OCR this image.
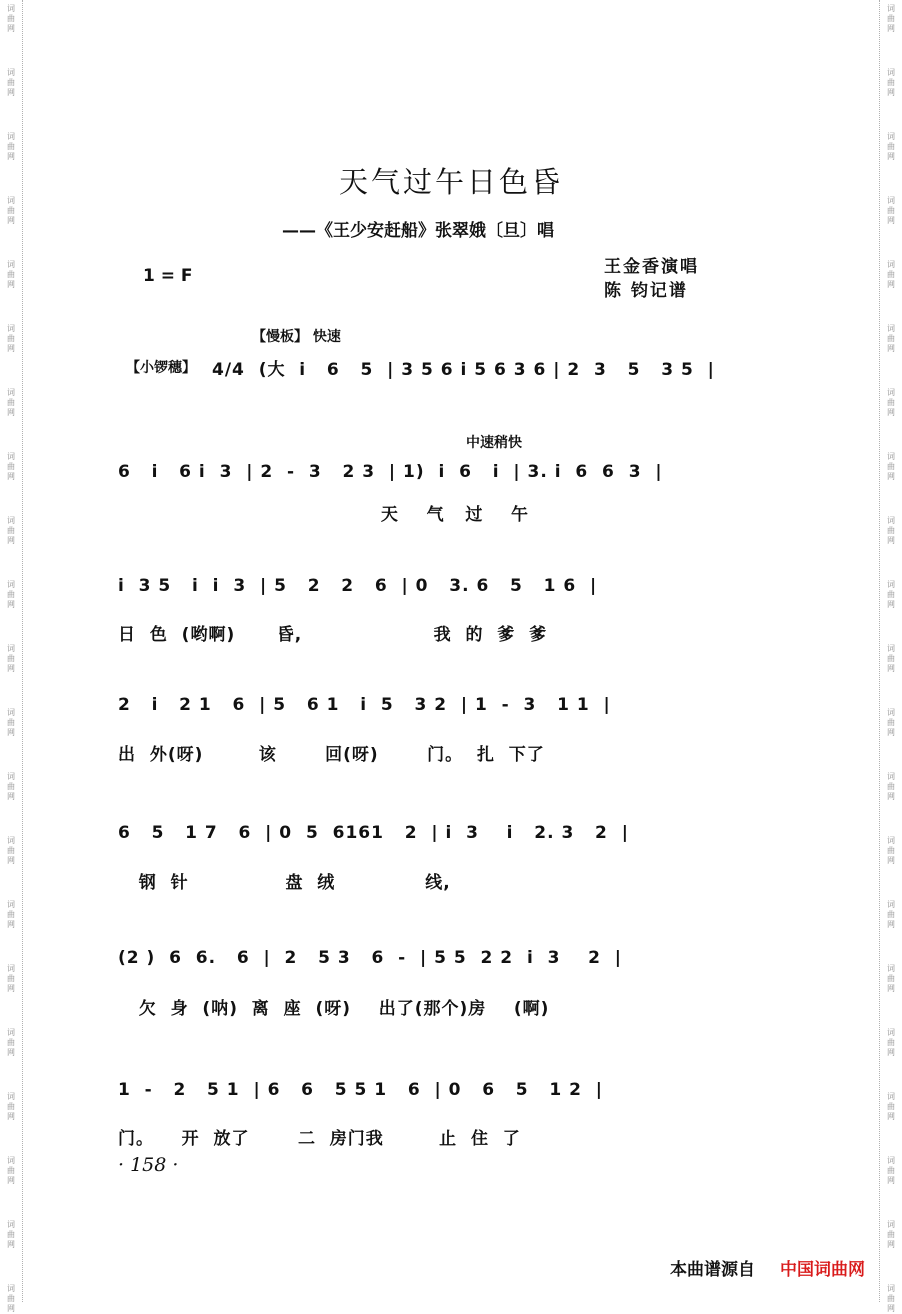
词曲网
词曲网
词曲网
词曲网
词曲网
词曲网
词曲网
词曲网
词曲网
词曲网
词曲网
词曲网
词曲网
词曲网
词曲网
词曲网
词曲网
词曲网
词曲网
词曲网
词曲网
词曲网
词曲网
词曲网
词曲网
词曲网
词曲网
词曲网
词曲网
词曲网
词曲网
词曲网
词曲网
词曲网
词曲网
词曲网
词曲网
词曲网
词曲网
词曲网
词曲网
词曲网
天气过午日色昏
——《王少安赶船》张翠娥〔旦〕唱
1 = F	王金香演唱
陈 钧记谱
【慢板】 快速
【小锣穗】
中速稍快
4/4  (大  i   6   5  | 3 5 6 i 5 6 3 6 | 2  3   5   3 5  |
6   i   6 i  3  | 2  -  3   2 3  | 1)  i  6   i  | 3. i  6  6  3  |
天    气   过    午
i  3 5   i  i  3  | 5   2   2   6  | 0   3. 6   5   1 6  |
日  色  (哟啊)      昏,                   我  的  爹  爹
2   i   2 1   6  | 5   6 1   i  5   3 2  | 1  -  3   1 1  |
出  外(呀)        该       回(呀)       门。  扎  下了
6   5   1 7   6  | 0  5  6161   2  | i  3    i   2. 3   2  |
钢  针              盘  绒             线,
(2 )  6  6.   6  |  2   5 3   6  -  | 5 5  2 2  i  3    2  |
欠  身  (呐)  离  座  (呀)    出了(那个)房    (啊)
1  -   2   5 1  | 6   6   5 5 1   6  | 0   6   5   1 2  |
门。    开  放了       二  房门我        止  住  了
· 158 ·
本曲谱源自 中国词曲网
